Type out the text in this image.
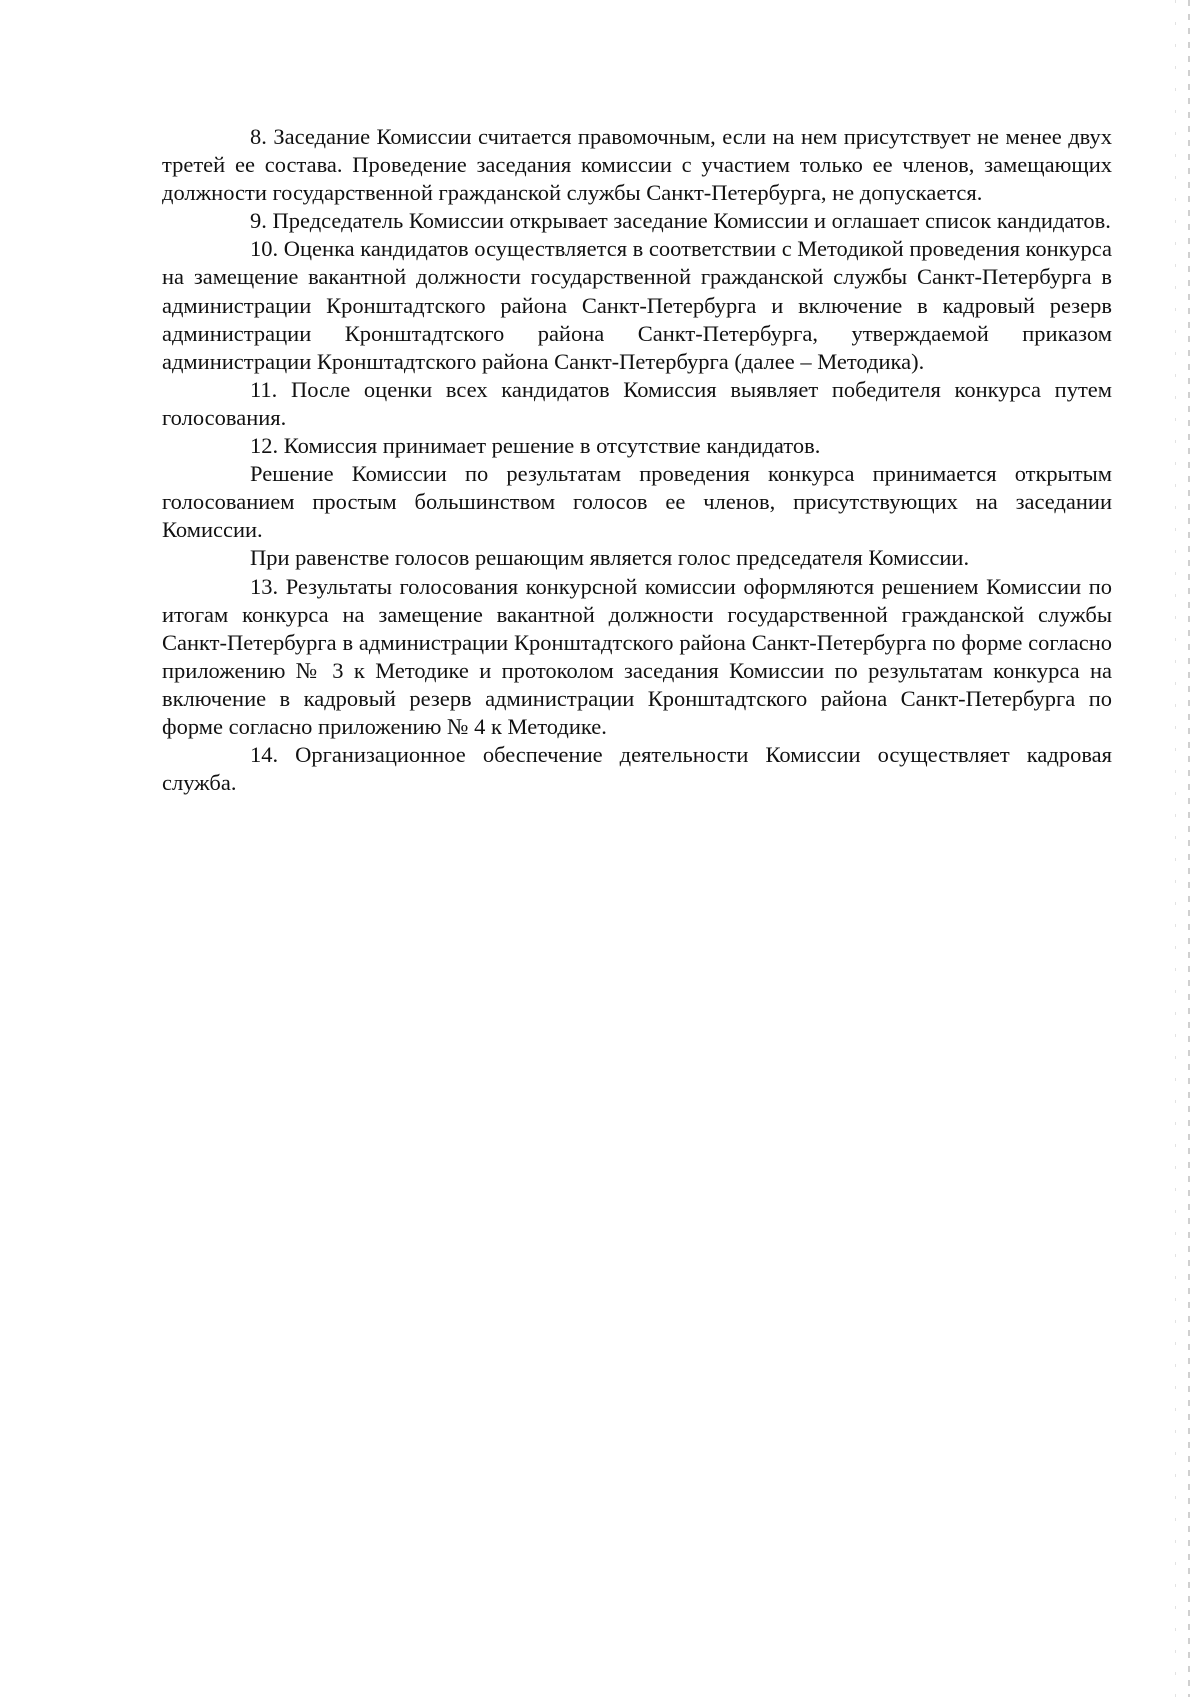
8. Заседание Комиссии считается правомочным, если на нем присутствует не менее двух третей ее состава. Проведение заседания комиссии с участием только ее членов, замещающих должности государственной гражданской службы Санкт-Петербурга, не допускается.

9. Председатель Комиссии открывает заседание Комиссии и оглашает список кандидатов.

10. Оценка кандидатов осуществляется в соответствии с Методикой проведения конкурса на замещение вакантной должности государственной гражданской службы Санкт-Петербурга в администрации Кронштадтского района Санкт-Петербурга и включение в кадровый резерв администрации Кронштадтского района Санкт-Петербурга, утверждаемой приказом администрации Кронштадтского района Санкт-Петербурга (далее – Методика).

11. После оценки всех кандидатов Комиссия выявляет победителя конкурса путем голосования.

12. Комиссия принимает решение в отсутствие кандидатов.

Решение Комиссии по результатам проведения конкурса принимается открытым голосованием простым большинством голосов ее членов, присутствующих на заседании Комиссии.

При равенстве голосов решающим является голос председателя Комиссии.

13. Результаты голосования конкурсной комиссии оформляются решением Комиссии по итогам конкурса на замещение вакантной должности государственной гражданской службы Санкт-Петербурга в администрации Кронштадтского района Санкт-Петербурга по форме согласно приложению № 3 к Методике и протоколом заседания Комиссии по результатам конкурса на включение в кадровый резерв администрации Кронштадтского района Санкт-Петербурга по форме согласно приложению № 4 к Методике.

14. Организационное обеспечение деятельности Комиссии осуществляет кадровая служба.
